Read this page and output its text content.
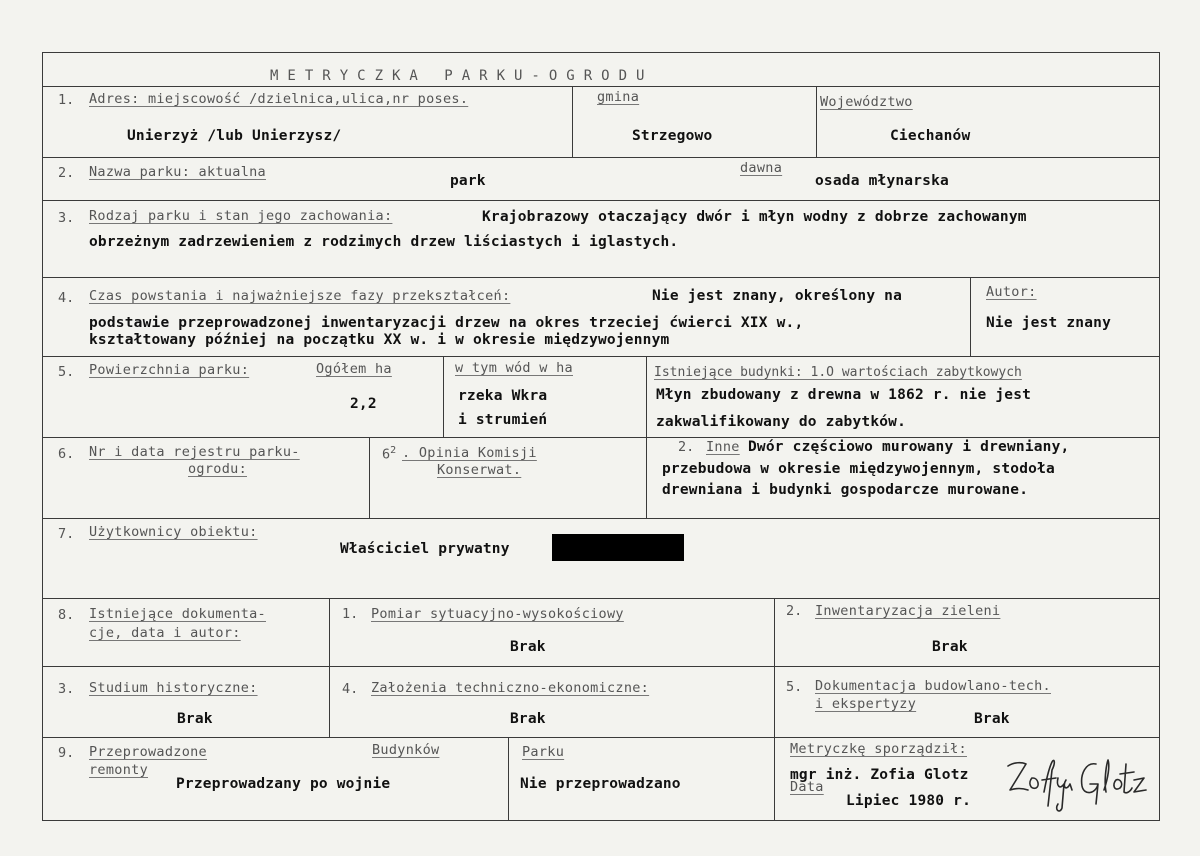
METRYCZKA PARKU-OGRODU
1. Adres: miejscowość /dzielnica,ulica,nr poses.
Unierzyż /lub Unierzysz/
gmina
Strzegowo
Województwo
Ciechanów
2. Nazwa parku: aktualna
park
dawna
osada młynarska
3. Rodzaj parku i stan jego zachowania:	Krajobrazowy otaczający dwór i młyn wodny z dobrze zachowanym
obrzeżnym zadrzewieniem z rodzimych drzew liściastych i iglastych.
4. Czas powstania i najważniejsze fazy przekształceń:	Nie jest znany, określony na
podstawie przeprowadzonej inwentaryzacji drzew na okres trzeciej ćwierci XIX w.,
kształtowany później na początku XX w. i w okresie międzywojennym
Autor:
Nie jest znany
5. Powierzchnia parku:	Ogółem ha
2,2
w tym wód w ha
rzeka Wkra
i strumień
Istniejące budynki: 1.O wartościach zabytkowych
Młyn zbudowany z drewna w 1862 r. nie jest
zakwalifikowany do zabytków.
6. Nr i data rejestru parku-
ogrodu:
$6^2$ . Opinia Komisji
Konserwat.
2. Inne Dwór częściowo murowany i drewniany,
przebudowa w okresie międzywojennym, stodoła
drewniana i budynki gospodarcze murowane.
7. Użytkownicy obiektu:
Właściciel prywatny
8. Istniejące dokumenta-
cje, data i autor:
1. Pomiar sytuacyjno-wysokościowy
Brak
2. Inwentaryzacja zieleni
Brak
3. Studium historyczne:
Brak
4. Założenia techniczno-ekonomiczne:
Brak
5. Dokumentacja budowlano-tech.
i ekspertyzy
Brak
9. Przeprowadzone
remonty
Budynków
Przeprowadzany po wojnie
Parku
Nie przeprowadzano
Metryczkę sporządził:
mgr inż. Zofia Glotz
Data
Lipiec 1980 r.
